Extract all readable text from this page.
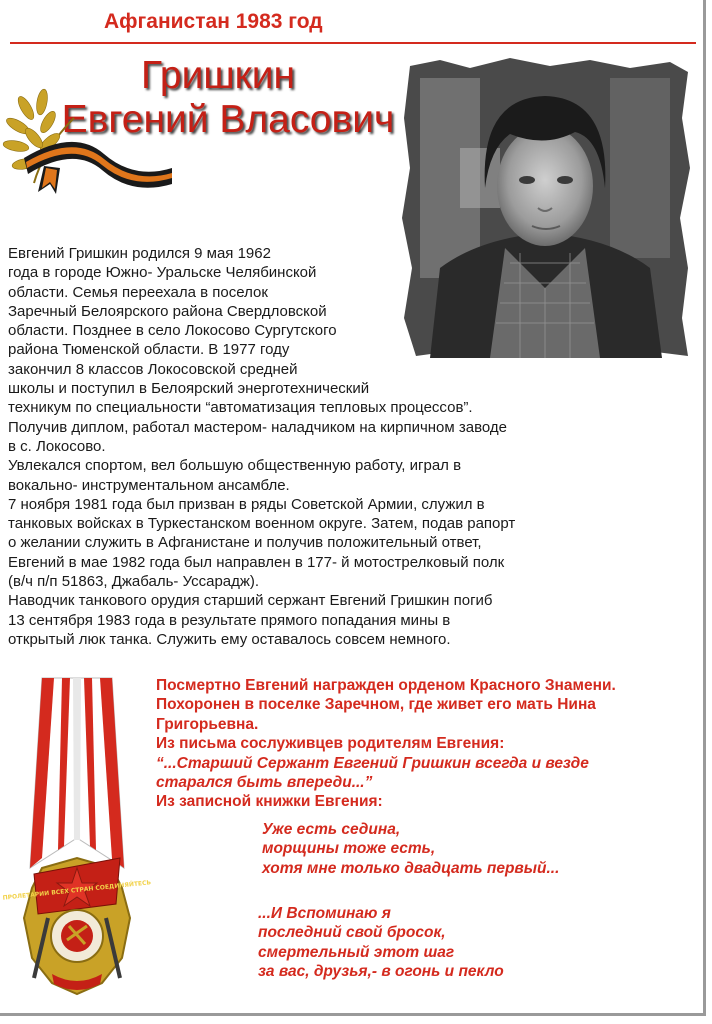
Афганистан 1983 год
Гришкин
Евгений Власович

Евгений Гришкин родился 9 мая 1962

года в городе Южно- Уральске Челябинской

области. Семья переехала в поселок

Заречный Белоярского района Свердловской

области. Позднее в село Локосово Сургутского

района Тюменской области. В 1977 году

закончил 8 классов Локосовской средней

школы и поступил в Белоярский энерготехнический

техникум по специальности “автоматизация тепловых процессов”.

Получив диплом, работал мастером- наладчиком на кирпичном заводе

в с. Локосово.

Увлекался спортом, вел большую общественную работу, играл в

вокально- инструментальном ансамбле.

7 ноября 1981 года был призван в ряды Советской Армии, служил в

танковых войсках в Туркестанском военном округе. Затем, подав рапорт

о желании служить в Афганистане и получив положительный ответ,

Евгений в мае 1982 года был направлен в 177- й мотострелковый полк

(в/ч п/п 51863, Джабаль- Уссарадж).

Наводчик танкового орудия старший сержант Евгений Гришкин погиб

13 сентября 1983 года в результате прямого попадания мины в

открытый люк танка. Служить ему оставалось совсем немного.

ПРОЛЕТАРИИ ВСЕХ СТРАН СОЕДИНЯЙТЕСЬ

Посмертно Евгений награжден орденом Красного Знамени.

Похоронен в поселке Заречном, где живет его мать Нина

Григорьевна.

Из письма сослуживцев родителям Евгения:

“...Старший Сержант Евгений Гришкин всегда и везде

старался быть впереди...”

Из записной книжки Евгения:

Уже есть седина,

морщины тоже есть,

хотя мне только двадцать первый...

...И Вспоминаю я

последний свой бросок,

смертельный этот шаг

за вас, друзья,- в огонь и пекло
